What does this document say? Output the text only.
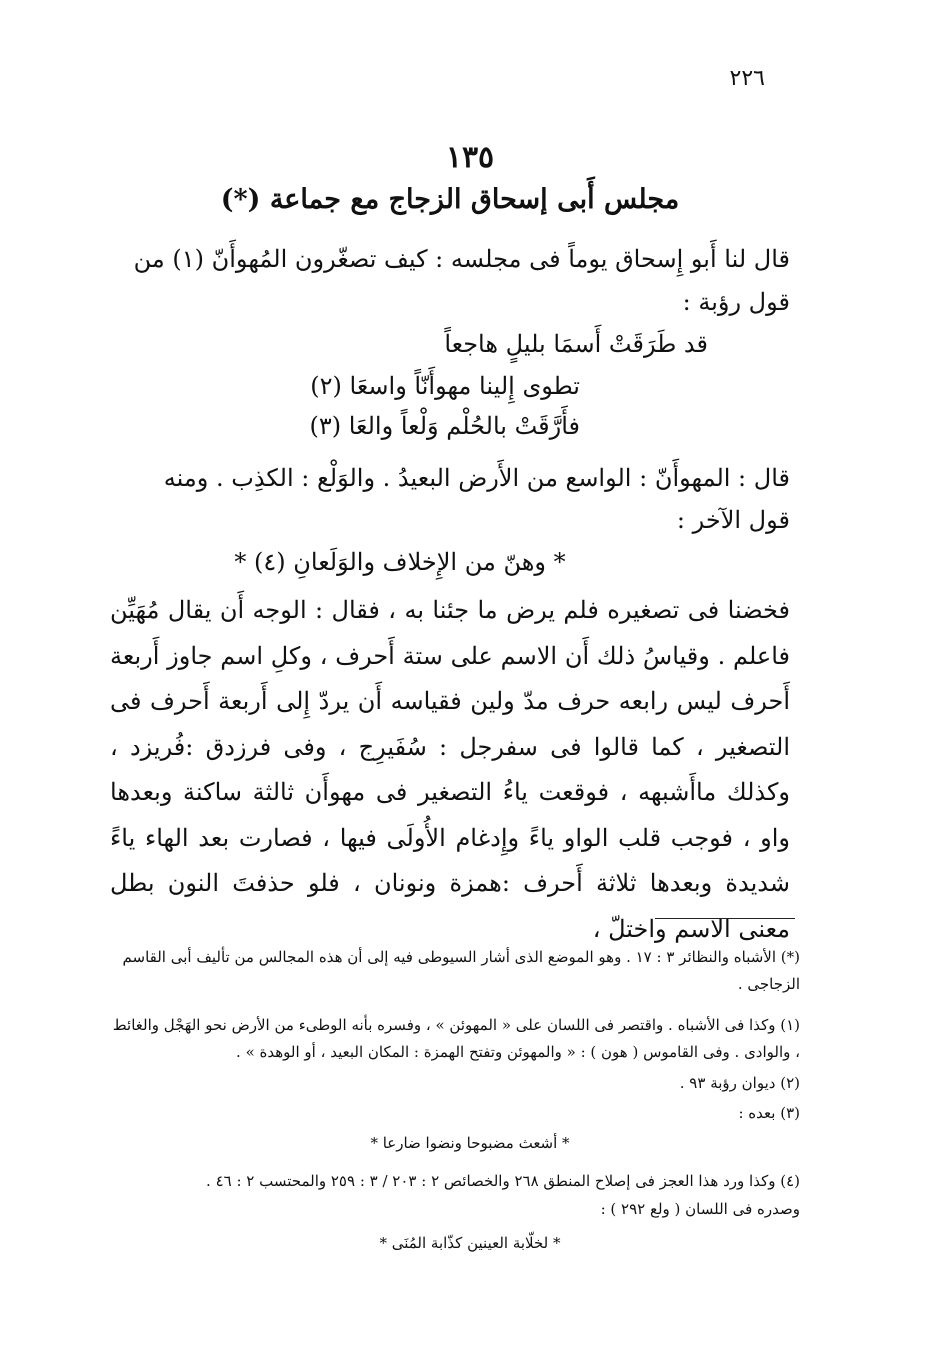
٢٢٦
١٣٥
مجلس أَبى إسحاق الزجاج مع جماعة (*)
قال لنا أَبو إِسحاق يوماً فى مجلسه : كيف تصغّرون المُهوأَنّ (١) من
قول رؤبة :
قد طَرَقَتْ أَسمَا بليلٍ هاجعاً
تطوى إِلينا مهوأَنّاً واسعَا (٢)
فأَرَّقَتْ بالحُلْم وَلْعاً والعَا (٣)
قال : المهوأَنّ : الواسع من الأَرض البعيدُ . والوَلْع : الكذِب . ومنه
قول الآخر :
* وهنّ من الإِخلاف والوَلَعانِ (٤) *
فخضنا فى تصغيره فلم يرض ما جئنا به ، فقال : الوجه أَن يقال مُهَيِّن فاعلم . وقياسُ ذلك أَن الاسم على ستة أَحرف ، وكلِ اسم جاوز أَربعة أَحرف ليس رابعه حرف مدّ ولين فقياسه أَن يردّ إِلى أَربعة أَحرف فى التصغير ، كما قالوا فى سفرجل : سُفَيرِج ، وفى فرزدق :فُريزد ، وكذلك ماأَشبهه ، فوقعت ياءُ التصغير فى مهوأَن ثالثة ساكنة وبعدها واو ، فوجب قلب الواو ياءً وإِدغام الأُولَى فيها ، فصارت بعد الهاء ياءً شديدة وبعدها ثلاثة أَحرف :همزة ونونان ، فلو حذفتَ النون بطل معنى الاسم واختلّ ،
(*) الأشباه والنظائر ٣ : ١٧ . وهو الموضع الذى أشار السيوطى فيه إلى أن هذه المجالس من تأليف أبى القاسم الزجاجى .
(١) وكذا فى الأشباه . واقتصر فى اللسان على « المهوئن » ، وفسره بأنه الوطىء من الأرض نحو الهَجْل والغائط ، والوادى . وفى القاموس ( هون ) : « والمهوئن وتفتح الهمزة : المكان البعيد ، أو الوهدة » .
(٢) ديوان رؤبة ٩٣ .
(٣) بعده :
* أشعث مضبوحا ونضوا ضارعا *
(٤) وكذا ورد هذا العجز فى إصلاح المنطق ٢٦٨ والخصائص ٢ : ٢٠٣ / ٣ : ٢٥٩ والمحتسب ٢ : ٤٦ .
وصدره فى اللسان ( ولع ٢٩٢ ) :
* لخلّابة العينين كذّابة المُنَى *
